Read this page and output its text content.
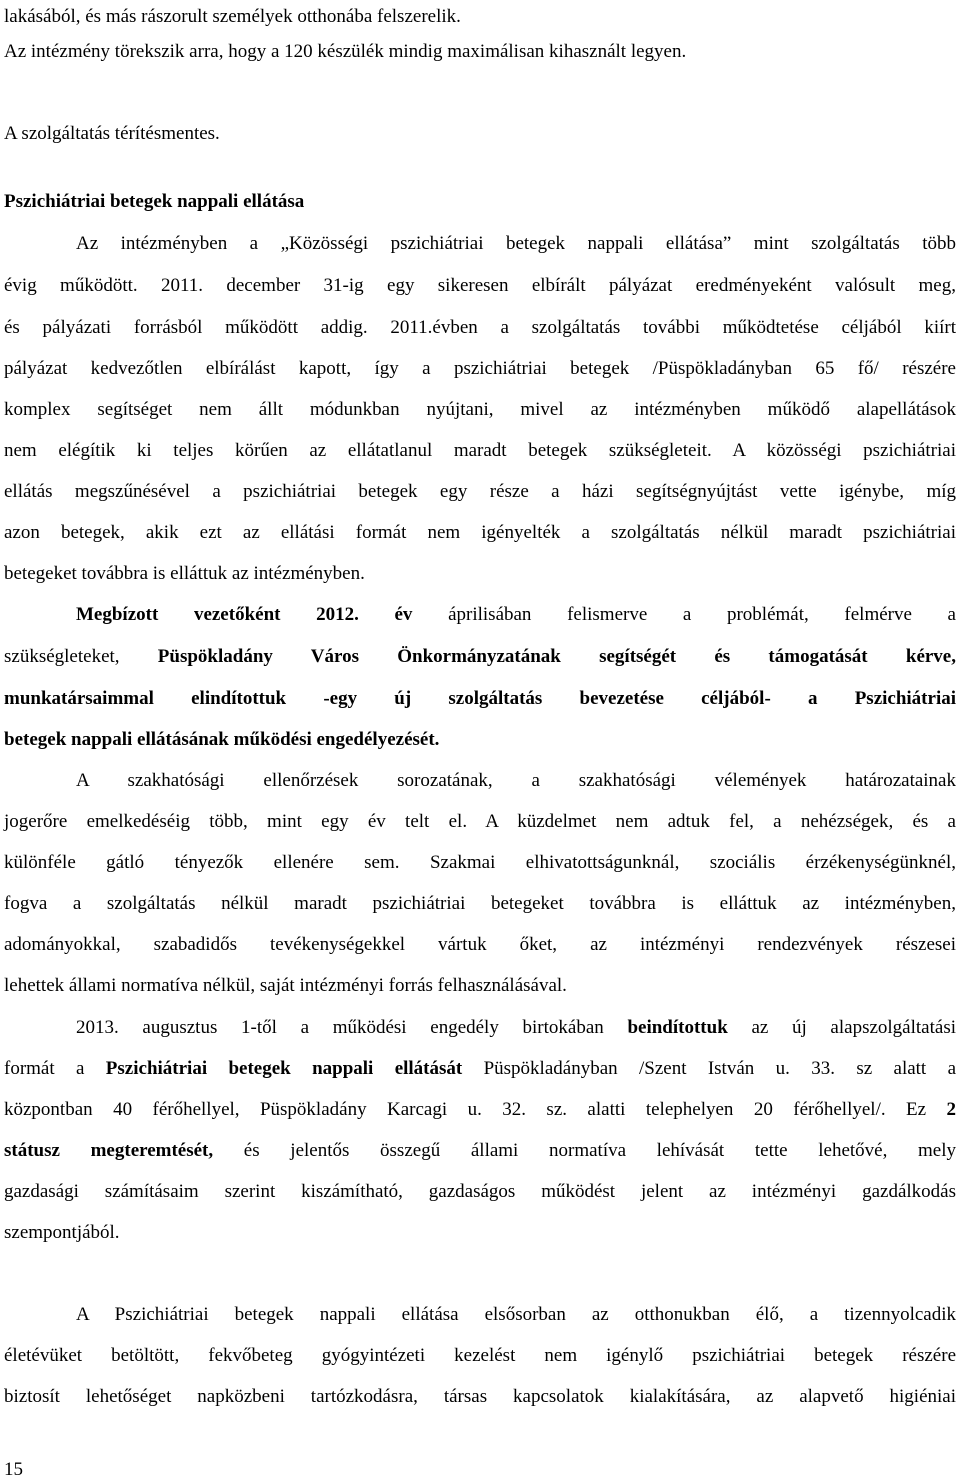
lakásából, és más rászorult személyek otthonába felszerelik.
Az intézmény törekszik arra, hogy a 120 készülék mindig maximálisan kihasznált legyen.
A szolgáltatás térítésmentes.
Pszichiátriai betegek nappali ellátása
Az intézményben a „Közösségi pszichiátriai betegek nappali ellátása” mint szolgáltatás több
évig működött. 2011. december 31-ig egy sikeresen elbírált pályázat eredményeként valósult meg,
és pályázati forrásból működött addig. 2011.évben a szolgáltatás további működtetése céljából kiírt
pályázat kedvezőtlen elbírálást kapott, így a pszichiátriai betegek /Püspökladányban 65 fő/ részére
komplex segítséget nem állt módunkban nyújtani, mivel az intézményben működő alapellátások
nem elégítik ki teljes körűen az ellátatlanul maradt betegek szükségleteit. A közösségi pszichiátriai
ellátás megszűnésével a pszichiátriai betegek egy része a házi segítségnyújtást vette igénybe, míg
azon betegek, akik ezt az ellátási formát nem igényelték a szolgáltatás nélkül maradt pszichiátriai
betegeket továbbra is elláttuk az intézményben.
Megbízott vezetőként 2012. év áprilisában felismerve a problémát, felmérve a
szükségleteket, Püspökladány Város Önkormányzatának segítségét és támogatását kérve,
munkatársaimmal elindítottuk -egy új szolgáltatás bevezetése céljából- a Pszichiátriai
betegek nappali ellátásának működési engedélyezését.
A szakhatósági ellenőrzések sorozatának, a szakhatósági vélemények határozatainak
jogerőre emelkedéséig több, mint egy év telt el. A küzdelmet nem adtuk fel, a nehézségek, és a
különféle gátló tényezők ellenére sem. Szakmai elhivatottságunknál, szociális érzékenységünknél,
fogva a szolgáltatás nélkül maradt pszichiátriai betegeket továbbra is elláttuk az intézményben,
adományokkal, szabadidős tevékenységekkel vártuk őket, az intézményi rendezvények részesei
lehettek állami normatíva nélkül, saját intézményi forrás felhasználásával.
2013. augusztus 1-től a működési engedély birtokában beindítottuk az új alapszolgáltatási
formát a Pszichiátriai betegek nappali ellátását Püspökladányban /Szent István u. 33. sz alatt a
központban 40 férőhellyel, Püspökladány Karcagi u. 32. sz. alatti telephelyen 20 férőhellyel/. Ez 2
státusz megteremtését, és jelentős összegű állami normatíva lehívását tette lehetővé, mely
gazdasági számításaim szerint kiszámítható, gazdaságos működést jelent az intézményi gazdálkodás
szempontjából.
A Pszichiátriai betegek nappali ellátása elsősorban az otthonukban élő, a tizennyolcadik
életévüket betöltött, fekvőbeteg gyógyintézeti kezelést nem igénylő pszichiátriai betegek részére
biztosít lehetőséget napközbeni tartózkodásra, társas kapcsolatok kialakítására, az alapvető higiéniai
15
